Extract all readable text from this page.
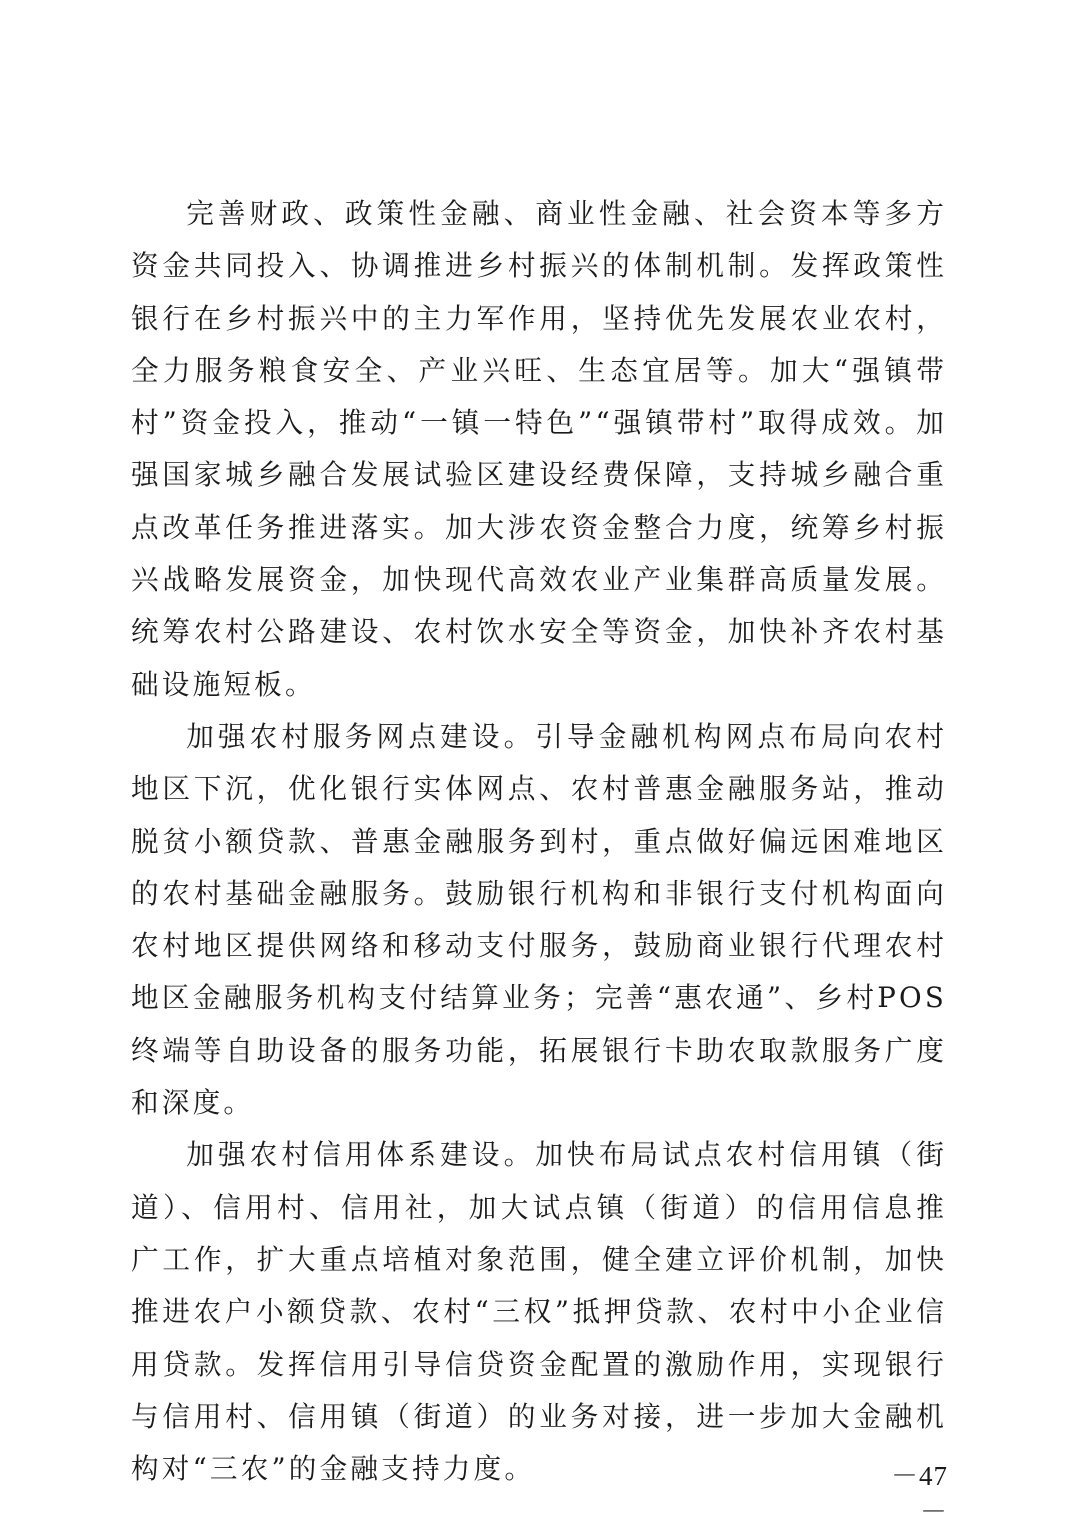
完善财政、政策性金融、商业性金融、社会资本等多方资金共同投入、协调推进乡村振兴的体制机制。发挥政策性银行在乡村振兴中的主力军作用，坚持优先发展农业农村，全力服务粮食安全、产业兴旺、生态宜居等。加大“强镇带村”资金投入，推动“一镇一特色”“强镇带村”取得成效。加强国家城乡融合发展试验区建设经费保障，支持城乡融合重点改革任务推进落实。加大涉农资金整合力度，统筹乡村振兴战略发展资金，加快现代高效农业产业集群高质量发展。统筹农村公路建设、农村饮水安全等资金，加快补齐农村基础设施短板。

加强农村服务网点建设。引导金融机构网点布局向农村地区下沉，优化银行实体网点、农村普惠金融服务站，推动脱贫小额贷款、普惠金融服务到村，重点做好偏远困难地区的农村基础金融服务。鼓励银行机构和非银行支付机构面向农村地区提供网络和移动支付服务，鼓励商业银行代理农村地区金融服务机构支付结算业务；完善“惠农通”、乡村POS终端等自助设备的服务功能，拓展银行卡助农取款服务广度和深度。

加强农村信用体系建设。加快布局试点农村信用镇（街道）、信用村、信用社，加大试点镇（街道）的信用信息推广工作，扩大重点培植对象范围，健全建立评价机制，加快推进农户小额贷款、农村“三权”抵押贷款、农村中小企业信用贷款。发挥信用引导信贷资金配置的激励作用，实现银行与信用村、信用镇（街道）的业务对接，进一步加大金融机构对“三农”的金融支持力度。	－47－
